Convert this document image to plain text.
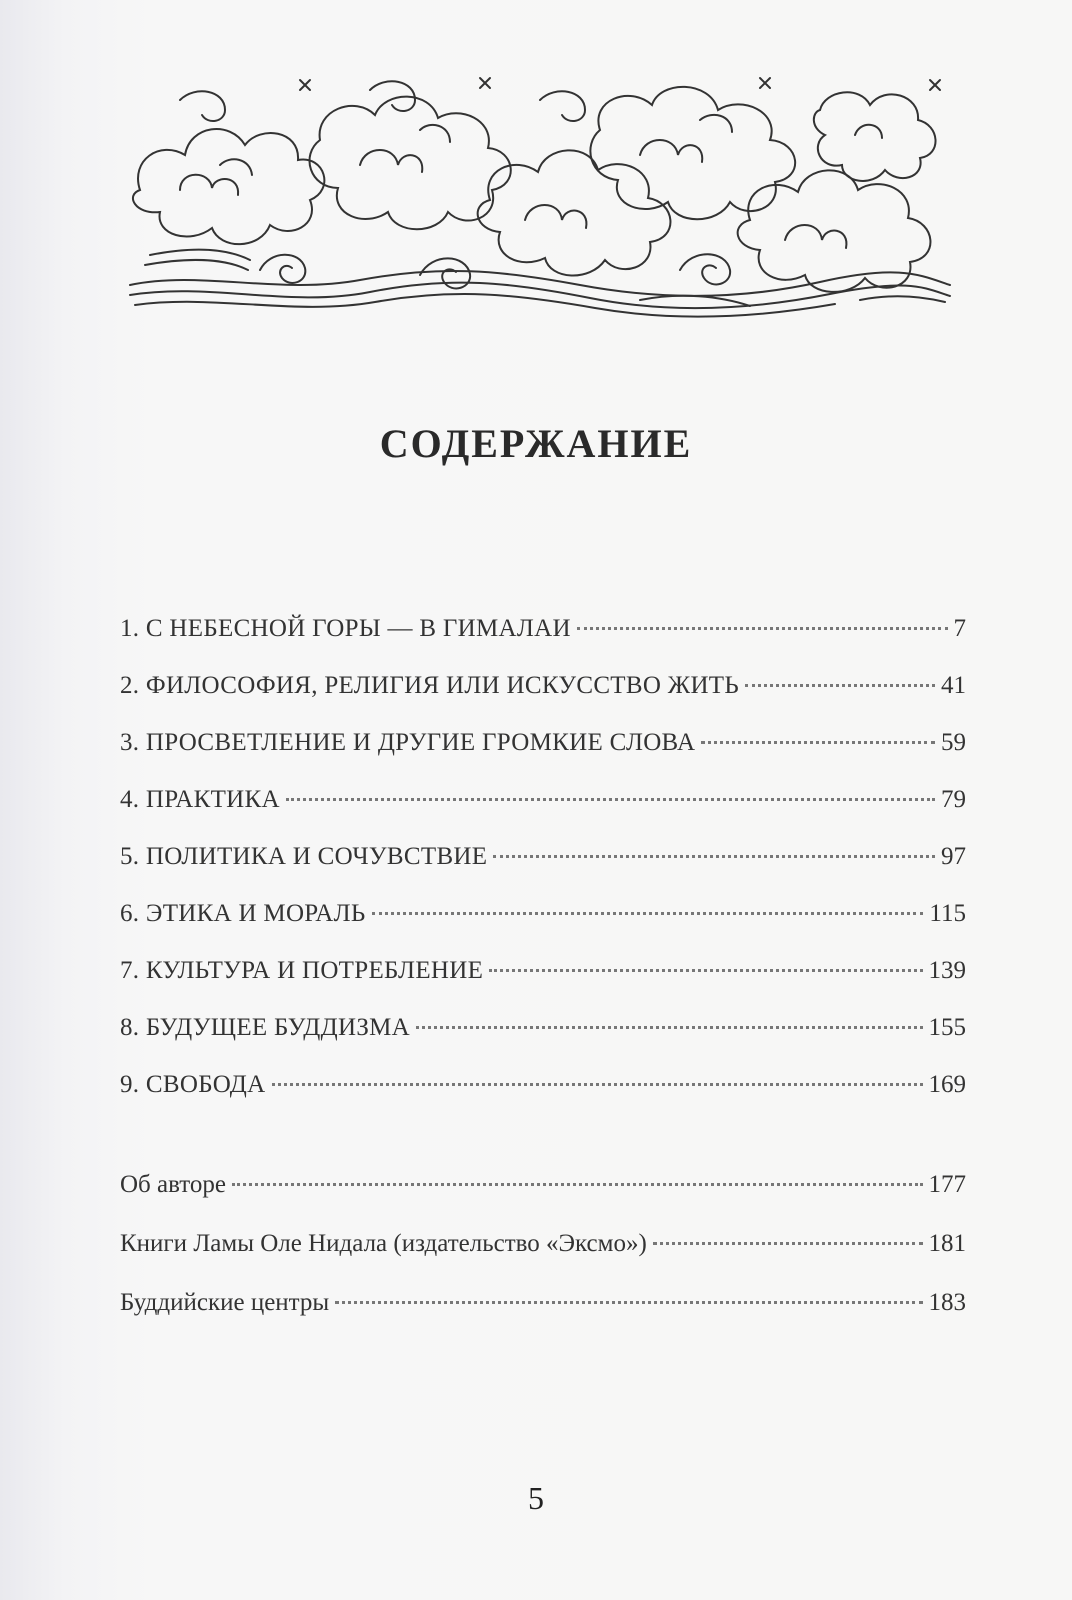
СОДЕРЖАНИЕ
1. С НЕБЕСНОЙ ГОРЫ — В ГИМАЛАИ	7
2. ФИЛОСОФИЯ, РЕЛИГИЯ ИЛИ ИСКУССТВО ЖИТЬ	41
3. ПРОСВЕТЛЕНИЕ И ДРУГИЕ ГРОМКИЕ СЛОВА	59
4. ПРАКТИКА	79
5. ПОЛИТИКА И СОЧУВСТВИЕ	97
6. ЭТИКА И МОРАЛЬ	115
7. КУЛЬТУРА И ПОТРЕБЛЕНИЕ	139
8. БУДУЩЕЕ БУДДИЗМА	155
9. СВОБОДА	169
Об авторе	177
Книги Ламы Оле Нидала (издательство «Эксмо»)	181
Буддийские центры	183
5
